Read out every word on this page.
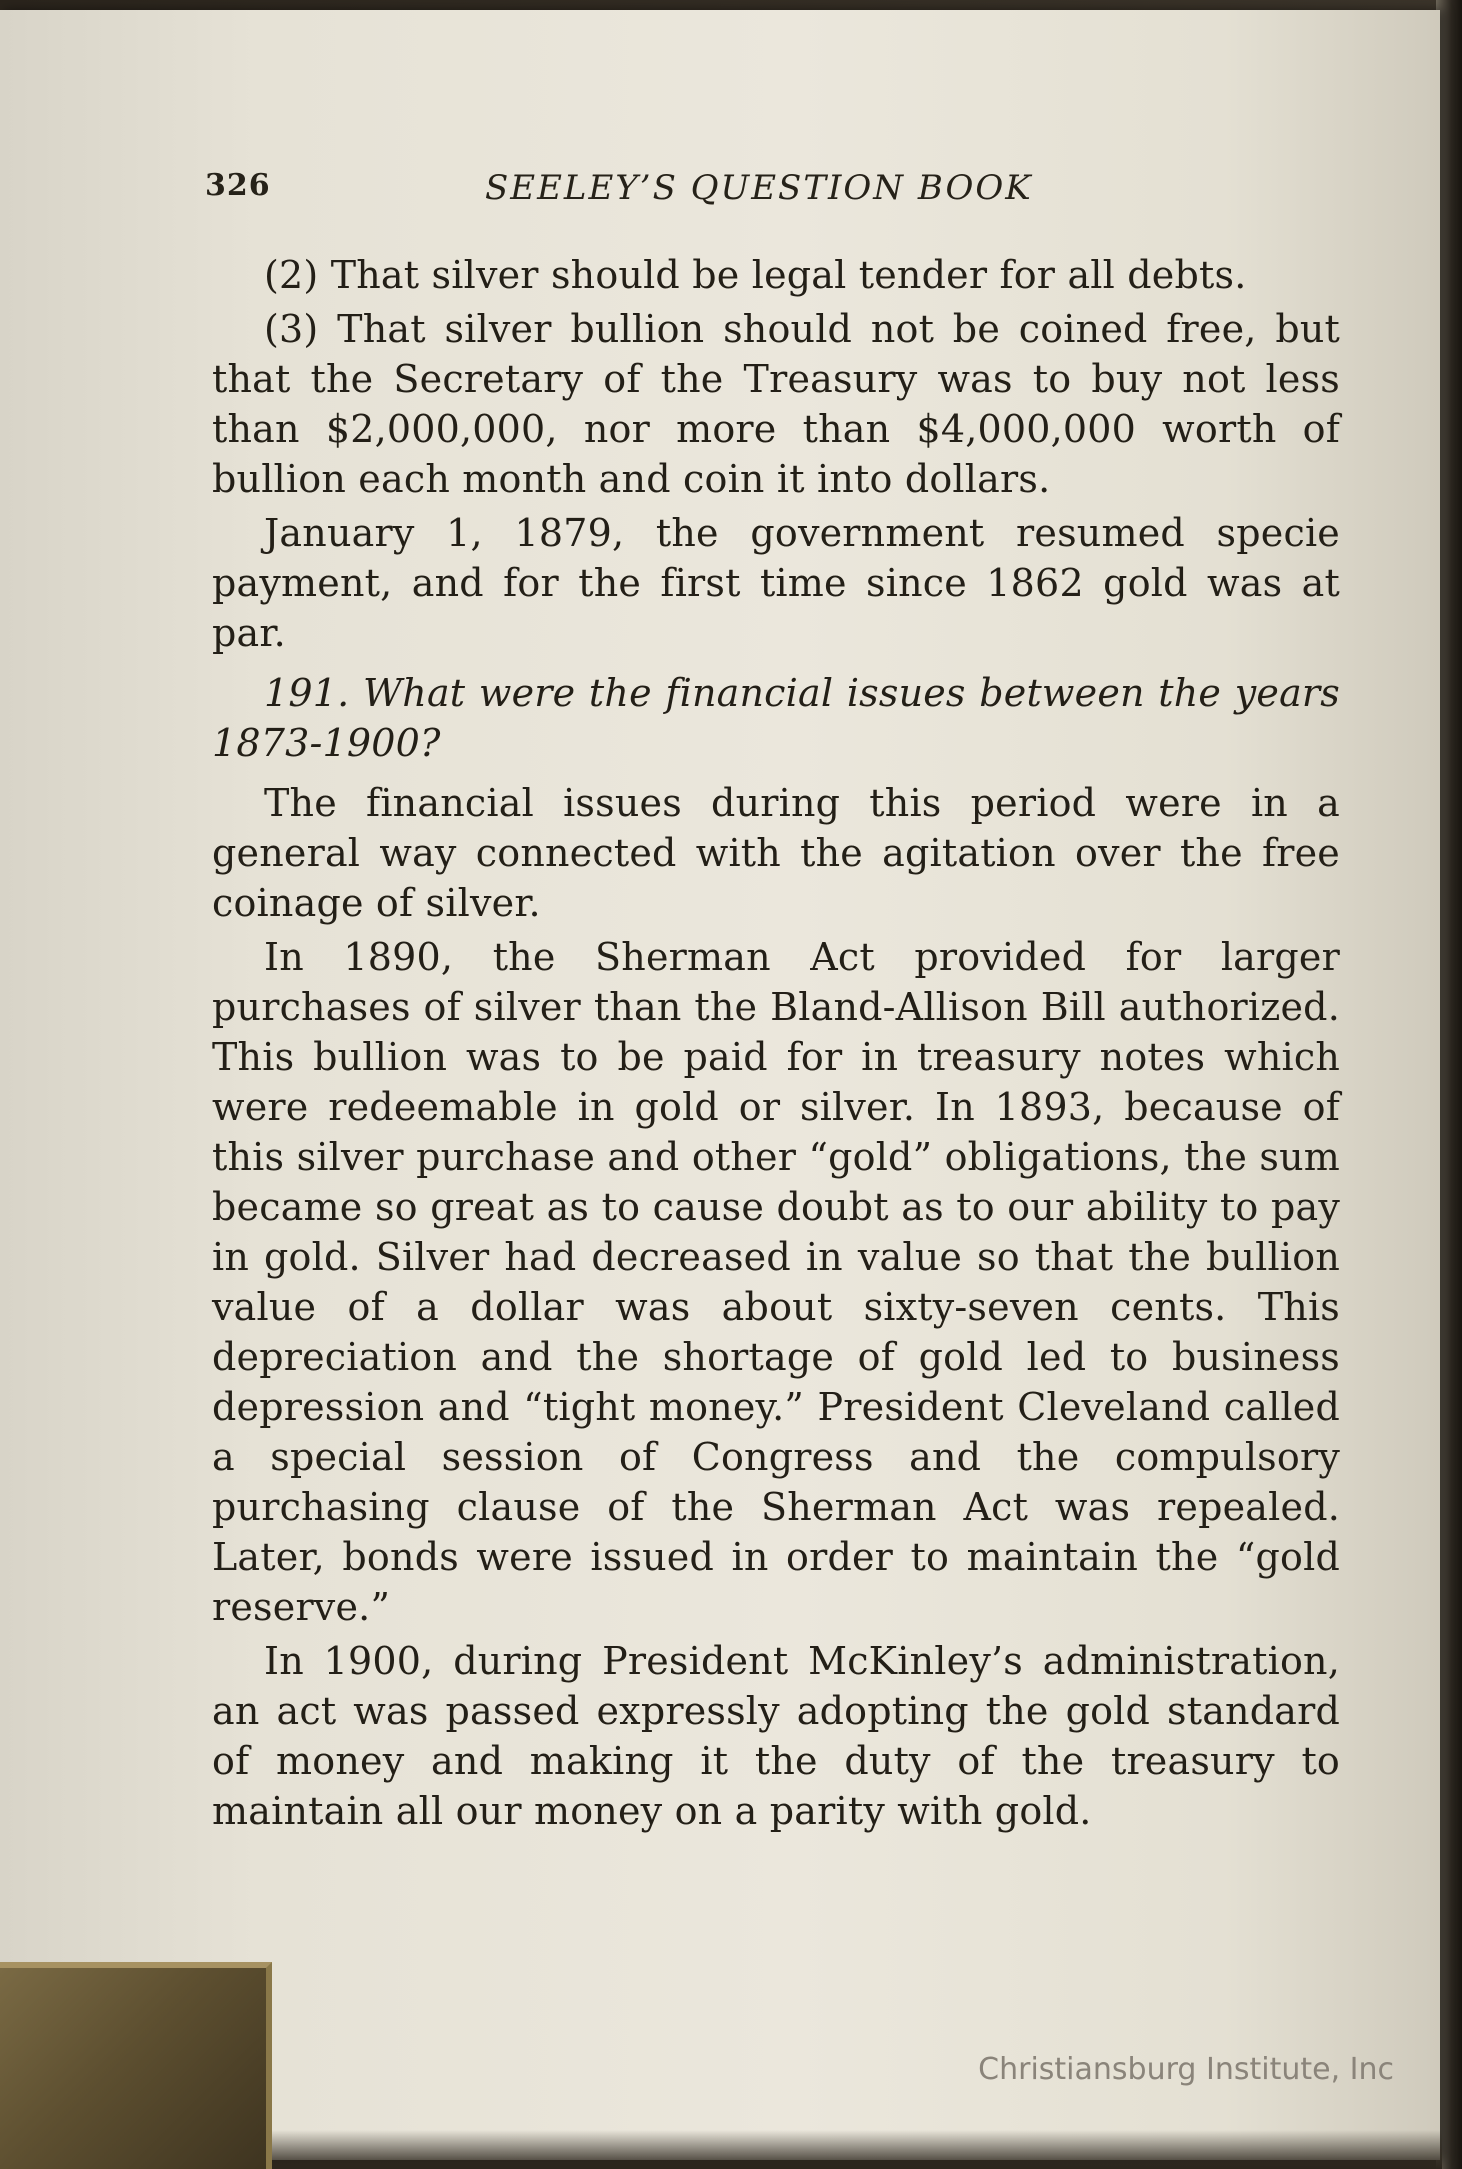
326	SEELEY’S QUESTION BOOK

(2) That silver should be legal tender for all debts.

(3) That silver bullion should not be coined free, but that the Secretary of the Treasury was to buy not less than $2,000,000, nor more than $4,000,000 worth of bullion each month and coin it into dollars.

January 1, 1879, the government resumed specie payment, and for the first time since 1862 gold was at par.

191. What were the financial issues between the years 1873-1900?

The financial issues during this period were in a general way connected with the agitation over the free coinage of silver.

In 1890, the Sherman Act provided for larger purchases of silver than the Bland-Allison Bill authorized. This bullion was to be paid for in treasury notes which were redeemable in gold or silver. In 1893, because of this silver purchase and other “gold” obligations, the sum became so great as to cause doubt as to our ability to pay in gold. Silver had decreased in value so that the bullion value of a dollar was about sixty-seven cents. This depreciation and the shortage of gold led to business depression and “tight money.” President Cleveland called a special session of Congress and the compulsory purchasing clause of the Sherman Act was repealed. Later, bonds were issued in order to maintain the “gold reserve.”

In 1900, during President McKinley’s administration, an act was passed expressly adopting the gold standard of money and making it the duty of the treasury to maintain all our money on a parity with gold.

Christiansburg Institute, Inc
